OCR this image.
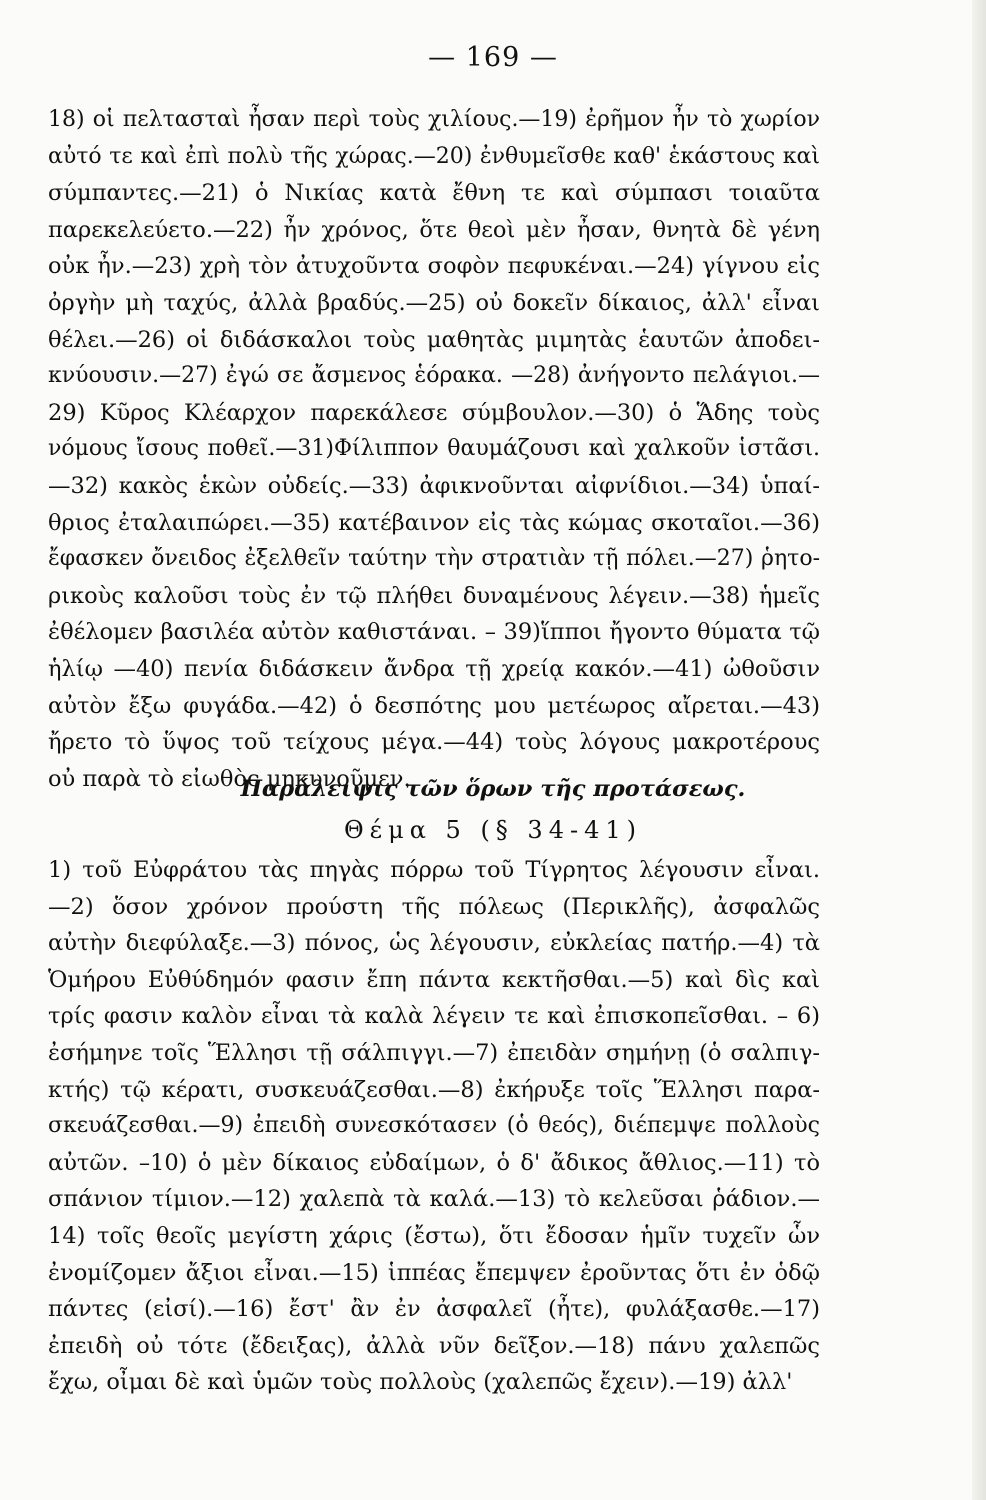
— 169 —
18) οἱ πελτασταὶ ἦσαν περὶ τοὺς χιλίους.—19) ἐρῆμον ἦν τὸ χωρίον
αὐτό τε καὶ ἐπὶ πολὺ τῆς χώρας.—20) ἐνθυμεῖσθε καθ' ἑκάστους καὶ
σύμπαντες.—21) ὁ Νικίας κατὰ ἔθνη τε καὶ σύμπασι τοιαῦτα
παρεκελεύετο.—22) ἦν χρόνος, ὅτε θεοὶ μὲν ἦσαν, θνητὰ δὲ γένη
οὐκ ἦν.—23) χρὴ τὸν ἀτυχοῦντα σοφὸν πεφυκέναι.—24) γίγνου εἰς
ὀργὴν μὴ ταχύς, ἀλλὰ βραδύς.—25) οὐ δοκεῖν δίκαιος, ἀλλ' εἶναι
θέλει.—26) οἱ διδάσκαλοι τοὺς μαθητὰς μιμητὰς ἑαυτῶν ἀποδει-
κνύουσιν.—27) ἐγώ σε ἄσμενος ἑόρακα. —28) ἀνήγοντο πελάγιοι.—
29) Κῦρος Κλέαρχον παρεκάλεσε σύμβουλον.—30) ὁ Ἅδης τοὺς
νόμους ἴσους ποθεῖ.—31)Φίλιππον θαυμάζουσι καὶ χαλκοῦν ἱστᾶσι.
—32) κακὸς ἑκὼν οὐδείς.—33) ἀφικνοῦνται αἰφνίδιοι.—34) ὑπαί-
θριος ἐταλαιπώρει.—35) κατέβαινον εἰς τὰς κώμας σκοταῖοι.—36)
ἔφασκεν ὄνειδος ἐξελθεῖν ταύτην τὴν στρατιὰν τῇ πόλει.—27) ῥητο-
ρικοὺς καλοῦσι τοὺς ἐν τῷ πλήθει δυναμένους λέγειν.—38) ἡμεῖς
ἐθέλομεν βασιλέα αὐτὸν καθιστάναι. – 39)ἵπποι ἤγοντο θύματα τῷ
ἡλίῳ —40) πενία διδάσκειν ἄνδρα τῇ χρείᾳ κακόν.—41) ὠθοῦσιν
αὐτὸν ἔξω φυγάδα.—42) ὁ δεσπότης μου μετέωρος αἴρεται.—43)
ἤρετο τὸ ὕψος τοῦ τείχους μέγα.—44) τοὺς λόγους μακροτέρους
οὐ παρὰ τὸ εἰωθὸς μηκυνοῦμεν.
Παράλειψις τῶν ὅρων τῆς προτάσεως.
Θέμα 5 (§ 34-41)
1) τοῦ Εὐφράτου τὰς πηγὰς πόρρω τοῦ Τίγρητος λέγουσιν εἶναι.
—2) ὅσον χρόνον προύστη τῆς πόλεως (Περικλῆς), ἀσφαλῶς
αὐτὴν διεφύλαξε.—3) πόνος, ὡς λέγουσιν, εὐκλείας πατήρ.—4) τὰ
Ὁμήρου Εὐθύδημόν φασιν ἔπη πάντα κεκτῆσθαι.—5) καὶ δὶς καὶ
τρίς φασιν καλὸν εἶναι τὰ καλὰ λέγειν τε καὶ ἐπισκοπεῖσθαι. – 6)
ἐσήμηνε τοῖς Ἕλλησι τῇ σάλπιγγι.—7) ἐπειδὰν σημήνῃ (ὁ σαλπιγ-
κτής) τῷ κέρατι, συσκευάζεσθαι.—8) ἐκήρυξε τοῖς Ἕλλησι παρα-
σκευάζεσθαι.—9) ἐπειδὴ συνεσκότασεν (ὁ θεός), διέπεμψε πολλοὺς
αὐτῶν. –10) ὁ μὲν δίκαιος εὐδαίμων, ὁ δ' ἄδικος ἄθλιος.—11) τὸ
σπάνιον τίμιον.—12) χαλεπὰ τὰ καλά.—13) τὸ κελεῦσαι ῥάδιον.—
14) τοῖς θεοῖς μεγίστη χάρις (ἔστω), ὅτι ἔδοσαν ἡμῖν τυχεῖν ὧν
ἐνομίζομεν ἄξιοι εἶναι.—15) ἱππέας ἔπεμψεν ἐροῦντας ὅτι ἐν ὁδῷ
πάντες (εἰσί).—16) ἔστ' ἂν ἐν ἀσφαλεῖ (ἦτε), φυλάξασθε.—17)
ἐπειδὴ οὐ τότε (ἔδειξας), ἀλλὰ νῦν δεῖξον.—18) πάνυ χαλεπῶς
ἔχω, οἶμαι δὲ καὶ ὑμῶν τοὺς πολλοὺς (χαλεπῶς ἔχειν).—19) ἀλλ'
